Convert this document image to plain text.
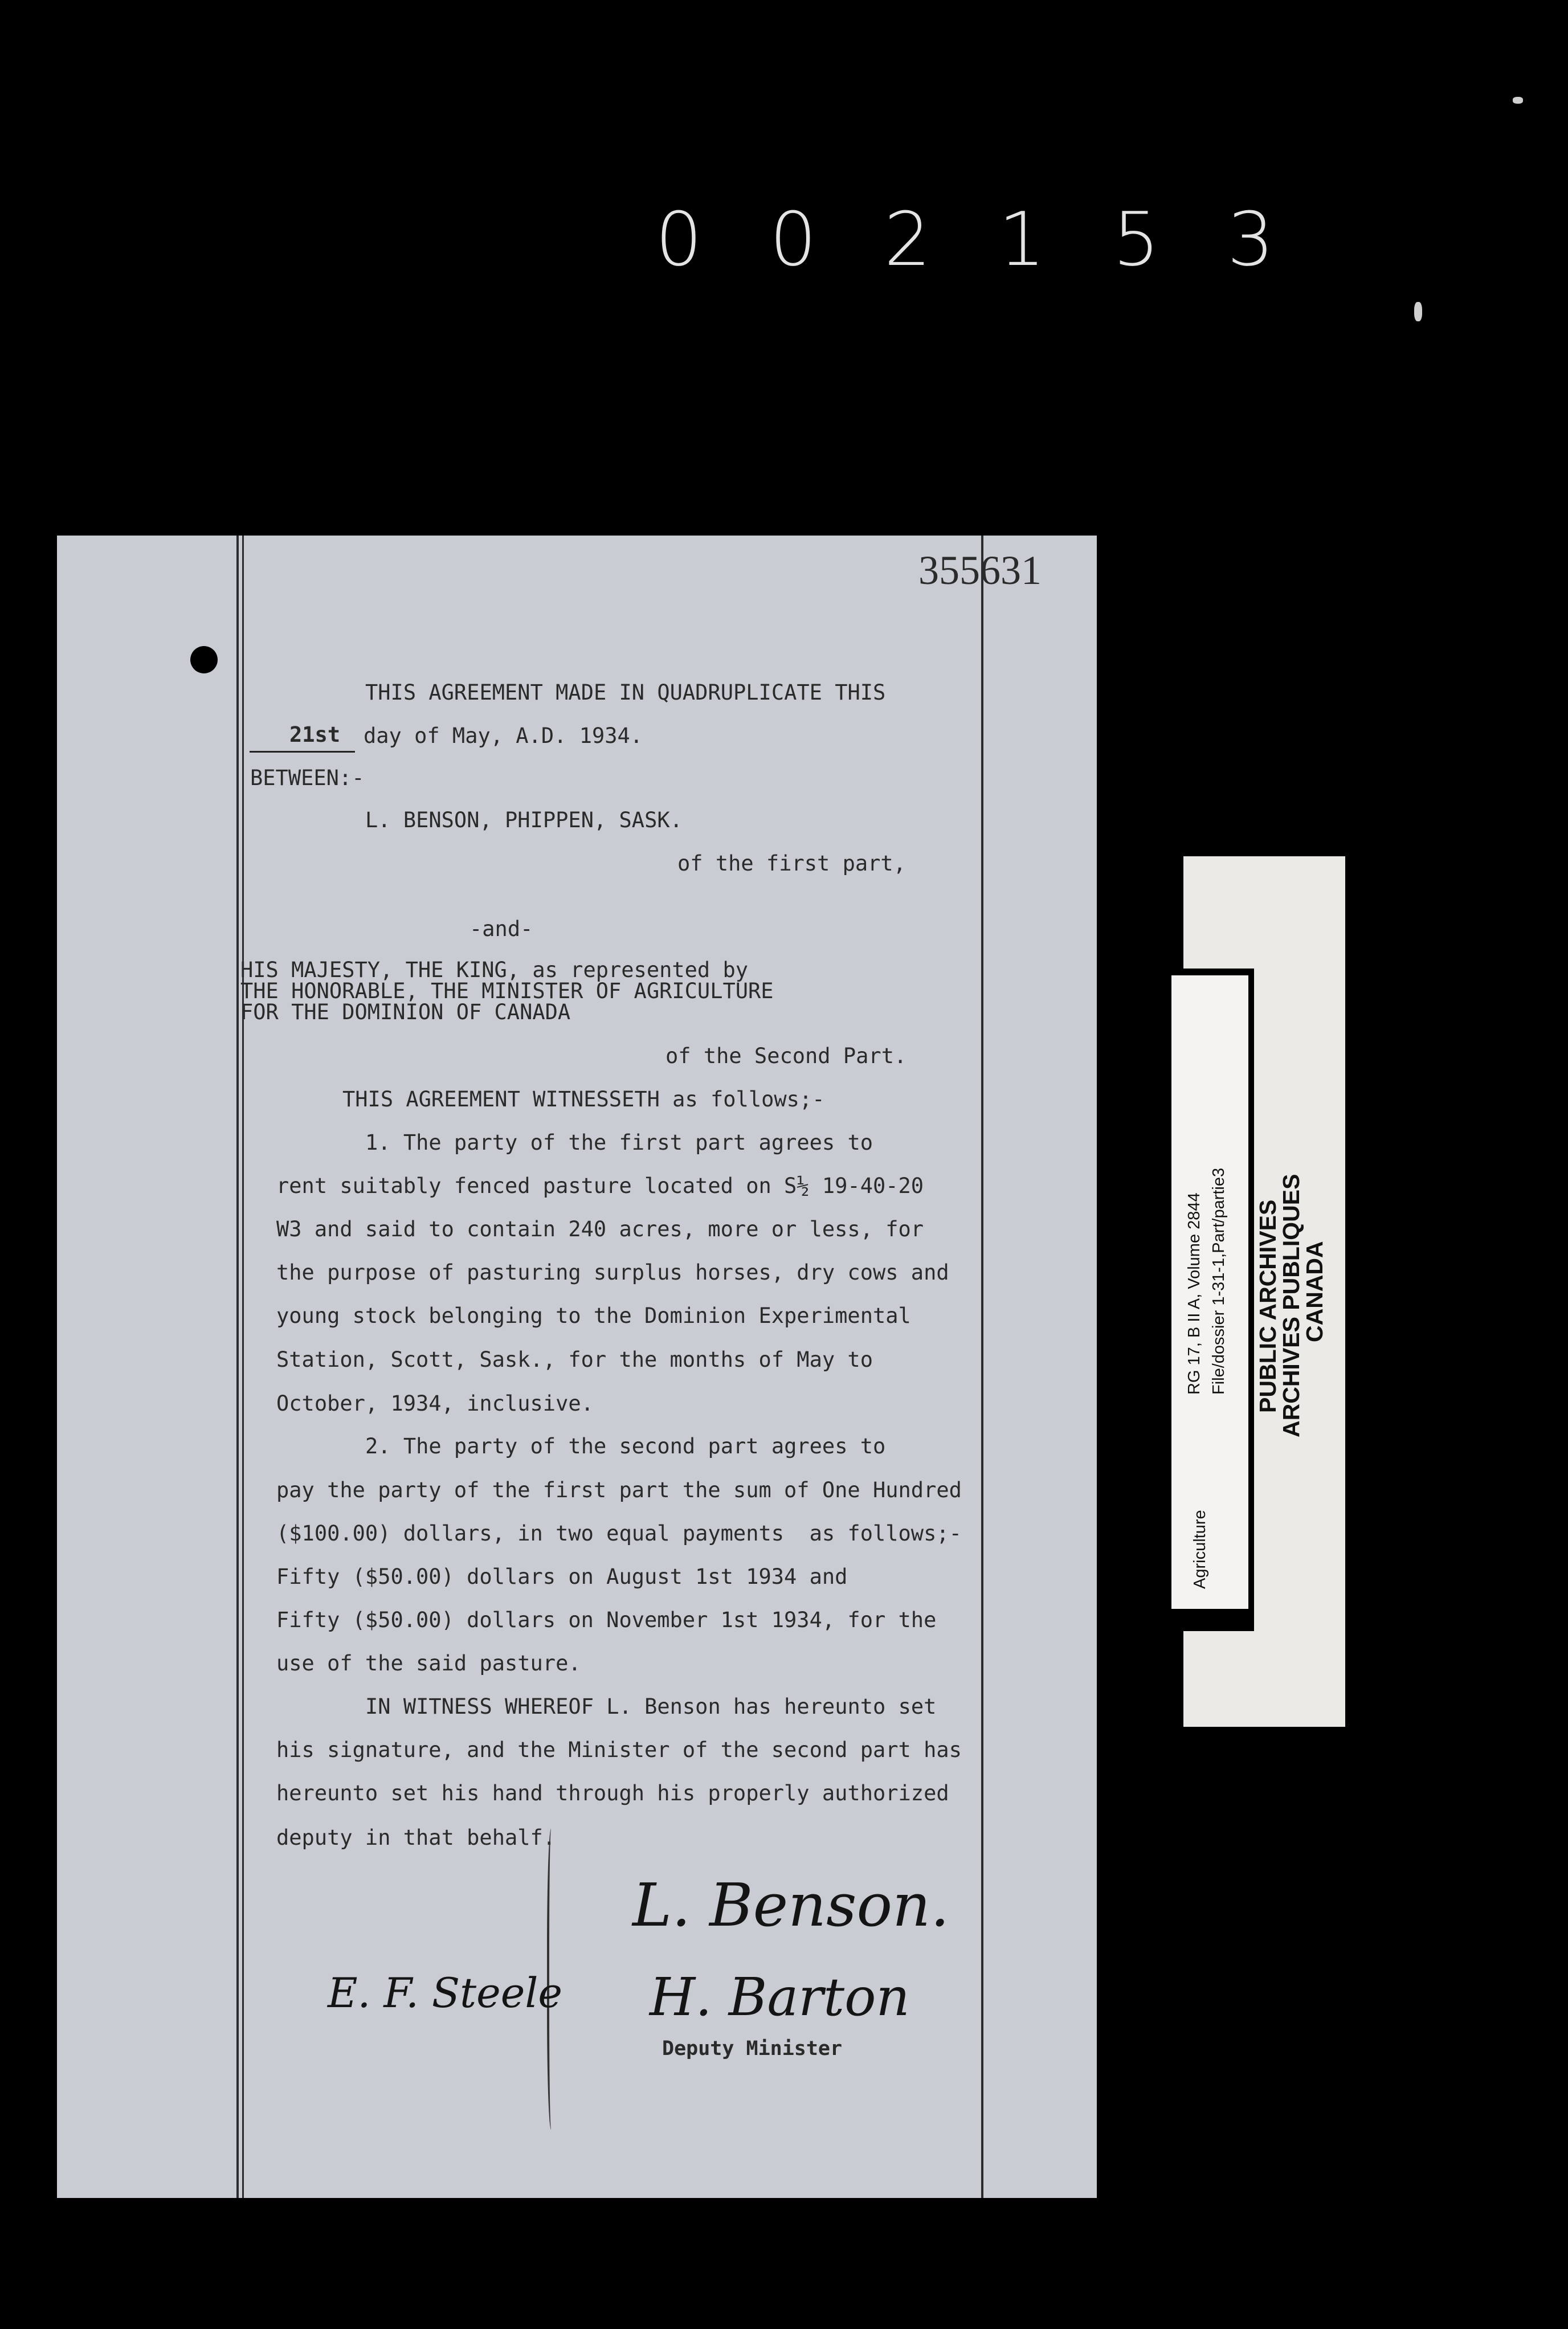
002153
355631
THIS AGREEMENT MADE IN QUADRUPLICATE THIS
21st day of May, A.D. 1934.
BETWEEN:-
L. BENSON, PHIPPEN, SASK.
of the first part,
-and-
HIS MAJESTY, THE KING, as represented by
THE HONORABLE, THE MINISTER OF AGRICULTURE
FOR THE DOMINION OF CANADA
of the Second Part.
THIS AGREEMENT WITNESSETH as follows;-
1. The party of the first part agrees to
rent suitably fenced pasture located on S½ 19-40-20
W3 and said to contain 240 acres, more or less, for
the purpose of pasturing surplus horses, dry cows and
young stock belonging to the Dominion Experimental
Station, Scott, Sask., for the months of May to
October, 1934, inclusive.
2. The party of the second part agrees to
pay the party of the first part the sum of One Hundred
($100.00) dollars, in two equal payments  as follows;-
Fifty ($50.00) dollars on August 1st 1934 and
Fifty ($50.00) dollars on November 1st 1934, for the
use of the said pasture.
IN WITNESS WHEREOF L. Benson has hereunto set
his signature, and the Minister of the second part has
hereunto set his hand through his properly authorized
deputy in that behalf.
E. F. Steele
L. Benson.
H. Barton
Deputy Minister
Agriculture
RG 17, B II A, Volume 2844 File/dossier 1-31-1,Part/partie3 PUBLIC ARCHIVES
ARCHIVES PUBLIQUES
CANADA
